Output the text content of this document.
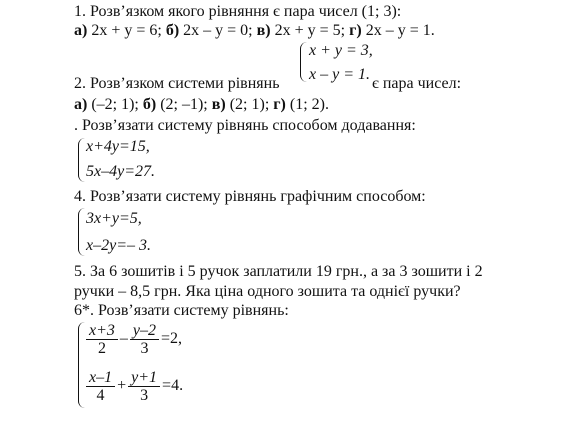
1. Розв’язком якого рівняння є пара чисел (1; 3):
а) 2x + y = 6; б) 2x – y = 0; в) 2x + y = 5; г) 2x – y = 1.
x + y = 3,
x – y = 1.
2. Розв’язком системи рівнянь	є пара чисел:
а) (–2; 1); б) (2; –1); в) (2; 1); г) (1; 2).
. Розв’язати систему рівнянь способом додавання:
x+4y=15,
5x–4y=27.
4. Розв’язати систему рівнянь графічним способом:
3x+y=5,
x–2y=– 3.
5. За 6 зошитів і 5 ручок заплатили 19 грн., а за 3 зошити і 2
ручки – 8,5 грн. Яка ціна одного зошита та однієї ручки?
6*. Розв’язати систему рівнянь:
$\frac{x+3}{2} - \frac{y-2}{3} =2$,
$\frac{x-1}{4} + \frac{y+1}{3} =4$.
